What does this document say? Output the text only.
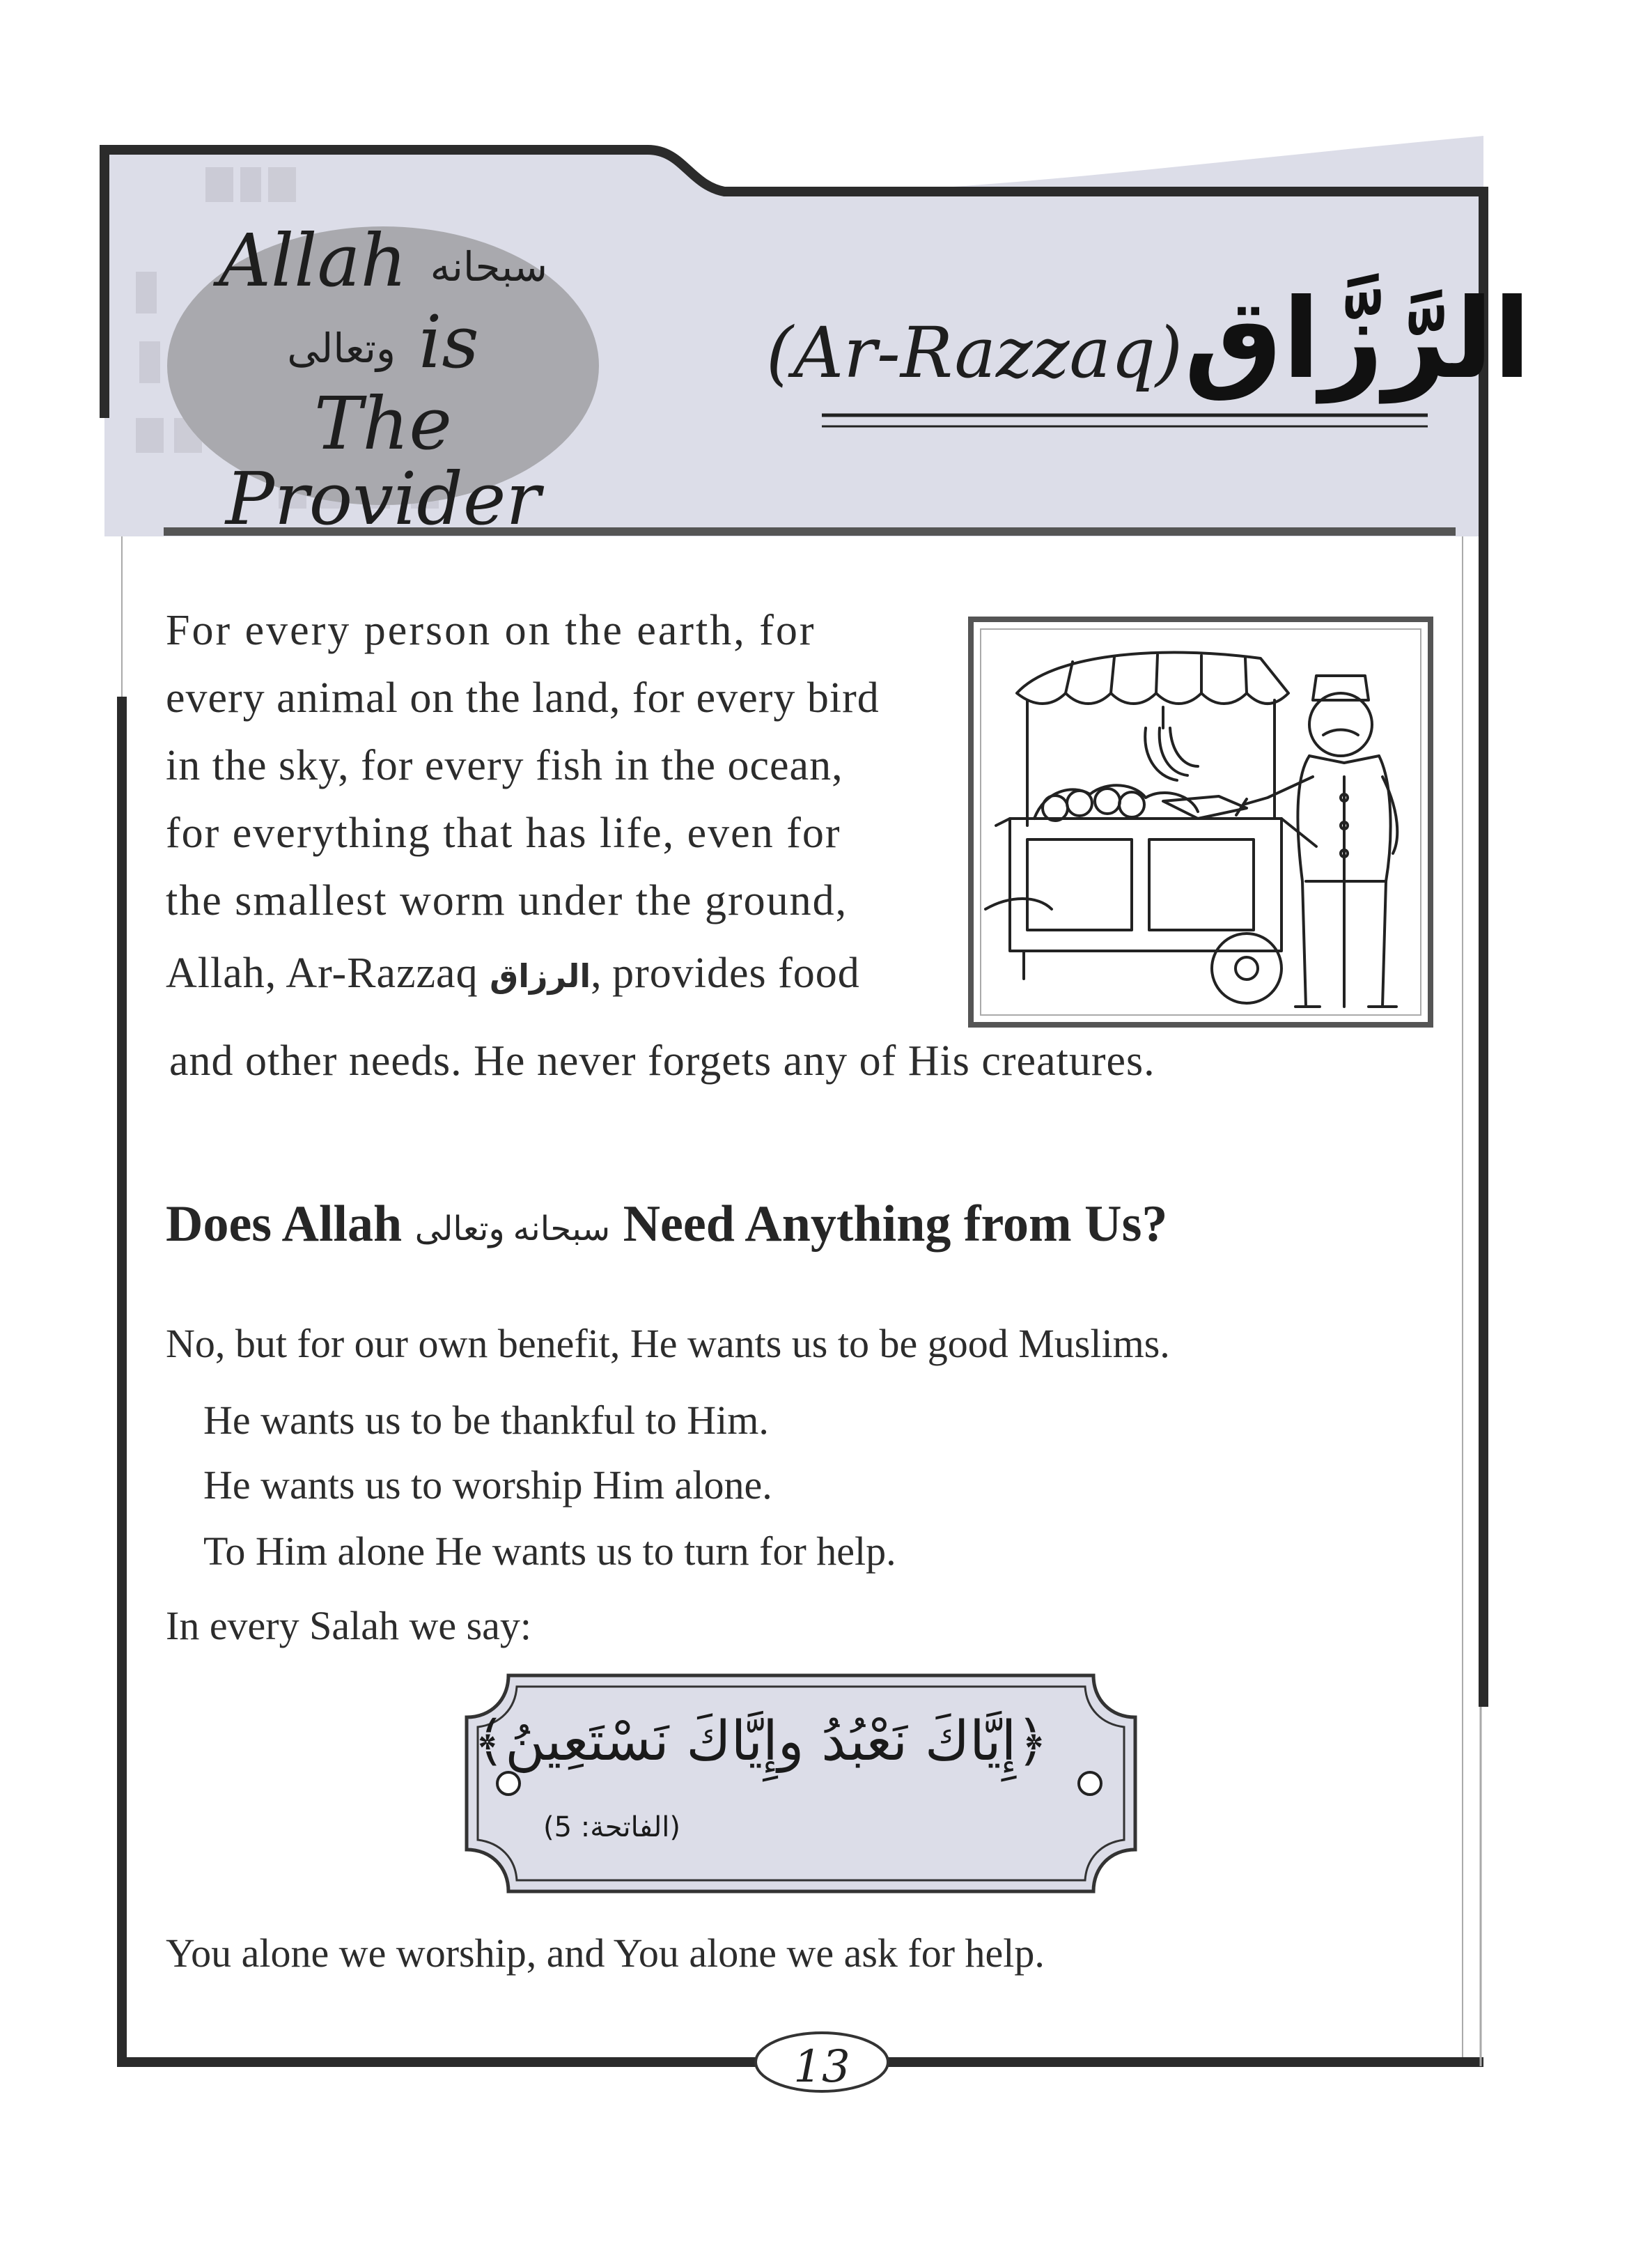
Allah سبحانه وتعالى is
The
Provider
(Ar-Razzaq) الرَّزَّاق
For every person on the earth, for
every animal on the land, for every bird
in the sky, for every fish in the ocean,
for everything that has life, even for
the smallest worm under the ground,
Allah, Ar-Razzaq الرزاق, provides food
and other needs. He never forgets any of His creatures.
Does Allah سبحانه وتعالى Need Anything from Us?
No, but for our own benefit, He wants us to be good Muslims.
He wants us to be thankful to Him.
He wants us to worship Him alone.
To Him alone He wants us to turn for help.
In every Salah we say:
﴿إِيَّاكَ نَعْبُدُ وإِيَّاكَ نَسْتَعِينُ﴾
(الفاتحة: 5)
You alone we worship, and You alone we ask for help.
13
